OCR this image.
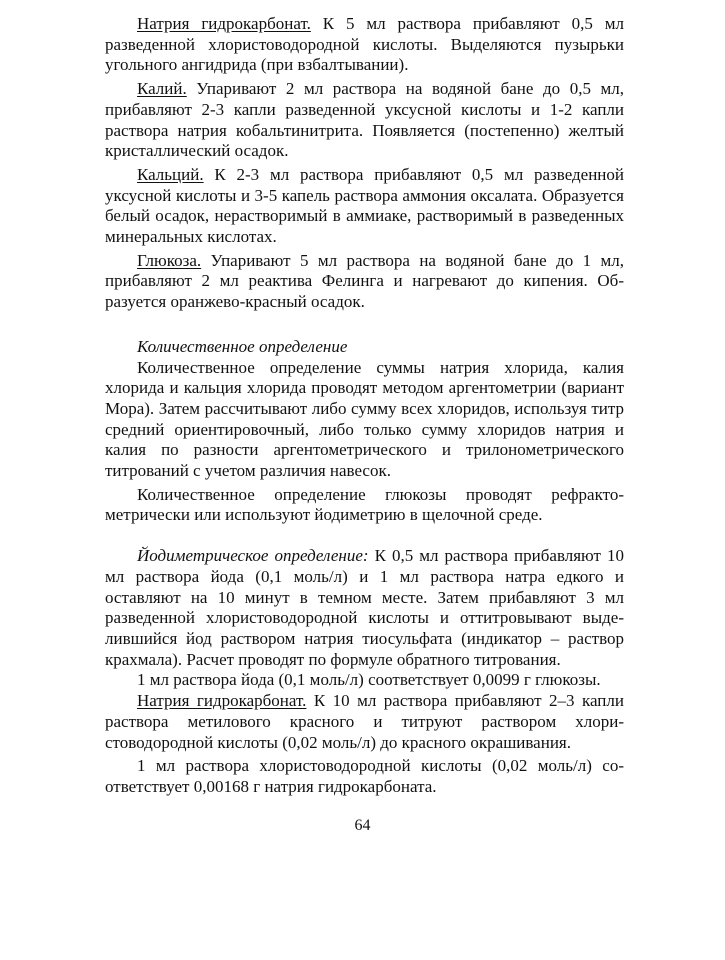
Натрия гидрокарбонат. К 5 мл раствора прибавляют 0,5 мл разведенной хлористоводородной кислоты. Выделяются пузырьки угольного ангидрида (при взбалтывании).

Калий. Упаривают 2 мл раствора на водяной бане до 0,5 мл, прибавляют 2-3 капли разведенной уксусной кислоты и 1-2 капли раствора натрия кобальтинитрита. Появляется (постепенно) желтый кристаллический осадок.

Кальций. К 2-3 мл раствора прибавляют 0,5 мл разведенной уксусной кислоты и 3-5 капель раствора аммония оксалата. Образуется белый осадок, нерастворимый в аммиаке, растворимый в разведенных минеральных кислотах.

Глюкоза. Упаривают 5 мл раствора на водяной бане до 1 мл, прибавляют 2 мл реактива Фелинга и нагревают до кипения. Образуется оранжево-красный осадок.

Количественное определение

Количественное определение суммы натрия хлорида, калия хлорида и кальция хлорида проводят методом аргентометрии (вариант Мора). Затем рассчитывают либо сумму всех хлоридов, используя титр средний ориентировочный, либо только сумму хлоридов натрия и калия по разности аргентометрического и трилонометрического титрований с учетом различия навесок.

Количественное определение глюкозы проводят рефрактометрически или используют йодиметрию в щелочной среде.

Йодиметрическое определение: К 0,5 мл раствора прибавляют 10 мл раствора йода (0,1 моль/л) и 1 мл раствора натра едкого и оставляют на 10 минут в темном месте. Затем прибавляют 3 мл разведенной хлористоводородной кислоты и оттитровывают выделившийся йод раствором натрия тиосульфата (индикатор – раствор крахмала). Расчет проводят по формуле обратного титрования.

1 мл раствора йода (0,1 моль/л) соответствует 0,0099 г глюкозы.

Натрия гидрокарбонат. К 10 мл раствора прибавляют 2–3 капли раствора метилового красного и титруют раствором хлористоводородной кислоты (0,02 моль/л) до красного окрашивания.

1 мл раствора хлористоводородной кислоты (0,02 моль/л) соответствует 0,00168 г натрия гидрокарбоната.

64
